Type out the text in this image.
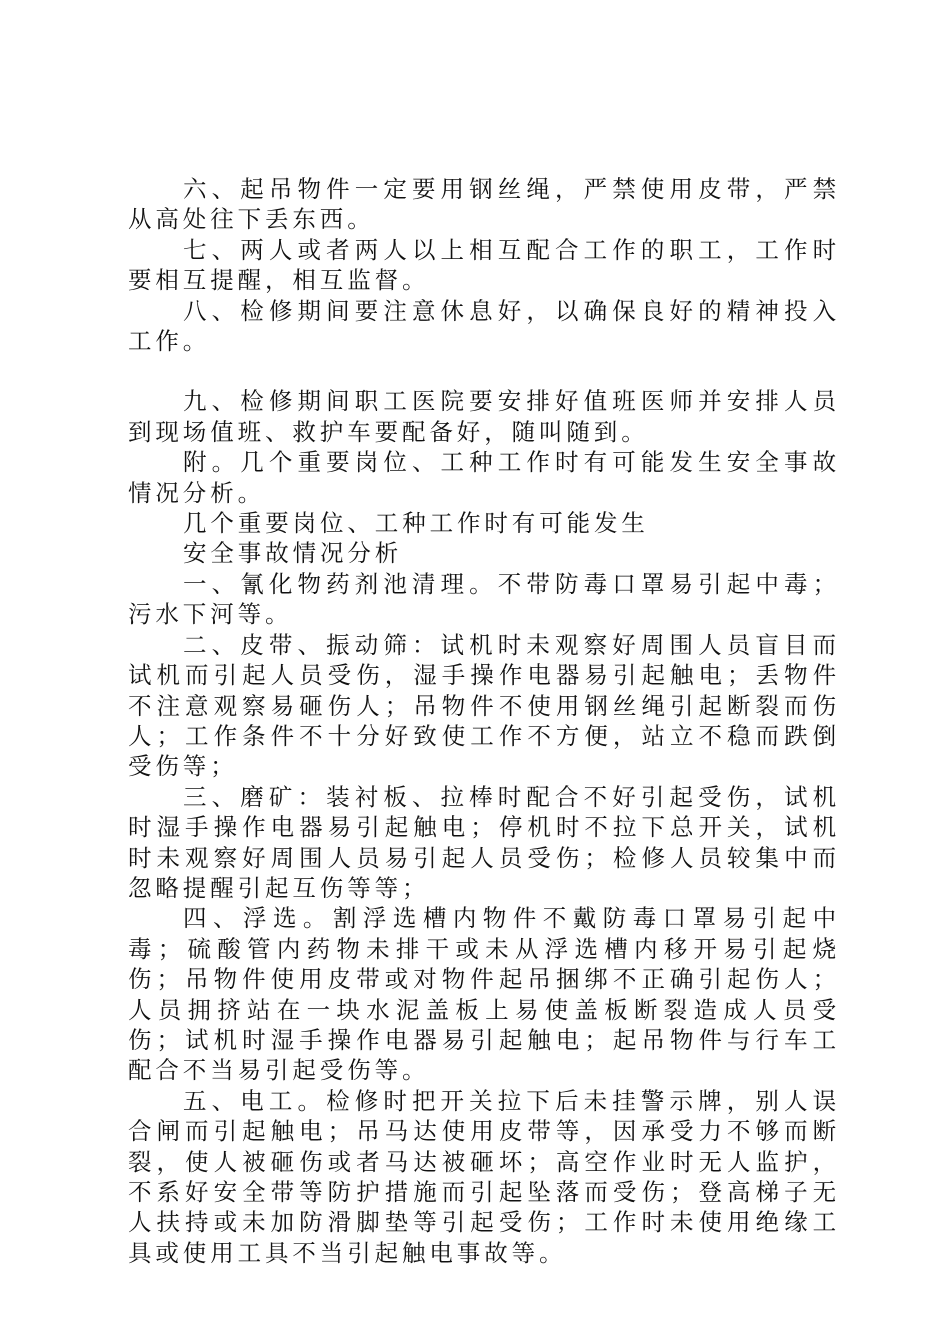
六、起吊物件一定要用钢丝绳，严禁使用皮带，严禁从高处往下丢东西。

七、两人或者两人以上相互配合工作的职工，工作时要相互提醒，相互监督。

八、检修期间要注意休息好，以确保良好的精神投入工作。

九、检修期间职工医院要安排好值班医师并安排人员到现场值班、救护车要配备好，随叫随到。

附。几个重要岗位、工种工作时有可能发生安全事故情况分析。

几个重要岗位、工种工作时有可能发生

安全事故情况分析

一、氰化物药剂池清理。不带防毒口罩易引起中毒；污水下河等。

二、皮带、振动筛：试机时未观察好周围人员盲目而试机而引起人员受伤，湿手操作电器易引起触电；丢物件不注意观察易砸伤人；吊物件不使用钢丝绳引起断裂而伤人；工作条件不十分好致使工作不方便，站立不稳而跌倒受伤等；

三、磨矿：装衬板、拉棒时配合不好引起受伤，试机时湿手操作电器易引起触电；停机时不拉下总开关，试机时未观察好周围人员易引起人员受伤；检修人员较集中而忽略提醒引起互伤等等；

四、浮选。割浮选槽内物件不戴防毒口罩易引起中毒；硫酸管内药物未排干或未从浮选槽内移开易引起烧伤；吊物件使用皮带或对物件起吊捆绑不正确引起伤人；人员拥挤站在一块水泥盖板上易使盖板断裂造成人员受伤；试机时湿手操作电器易引起触电；起吊物件与行车工配合不当易引起受伤等。

五、电工。检修时把开关拉下后未挂警示牌，别人误合闸而引起触电；吊马达使用皮带等，因承受力不够而断裂，使人被砸伤或者马达被砸坏；高空作业时无人监护，不系好安全带等防护措施而引起坠落而受伤；登高梯子无人扶持或未加防滑脚垫等引起受伤；工作时未使用绝缘工具或使用工具不当引起触电事故等。
